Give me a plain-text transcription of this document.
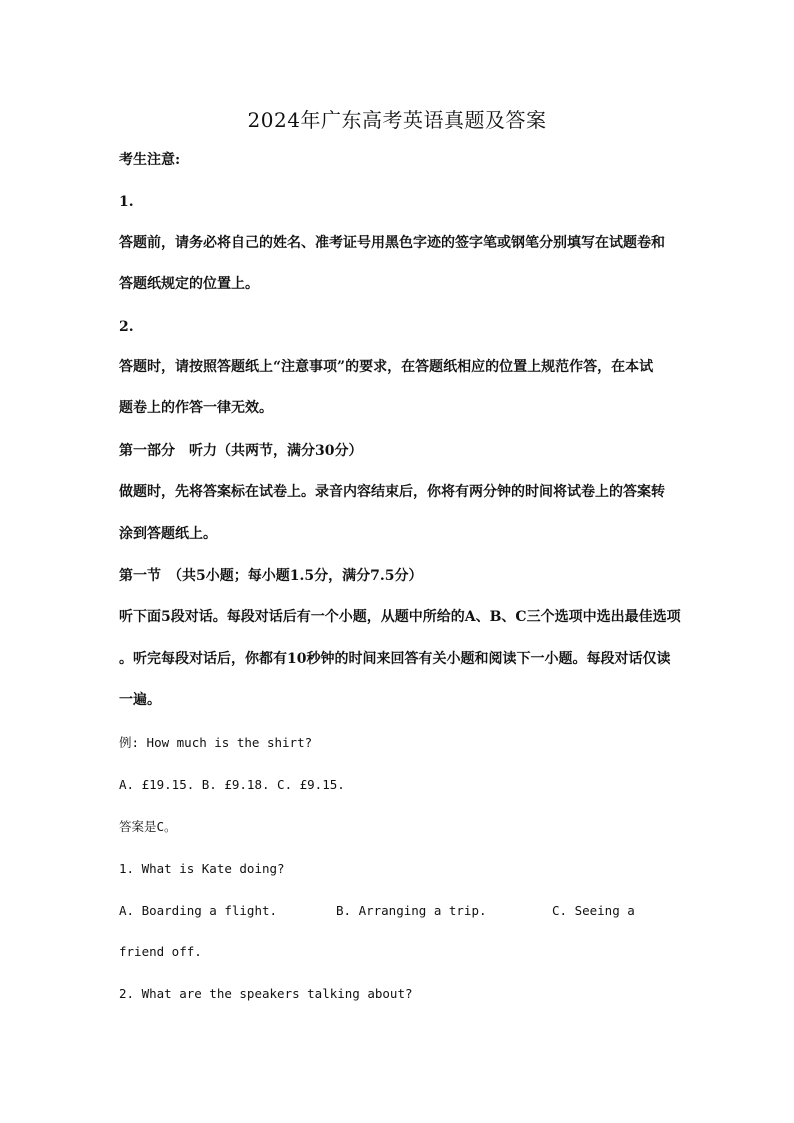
2024年广东高考英语真题及答案
考生注意:
1.
答题前，请务必将自己的姓名、准考证号用黑色字迹的签字笔或钢笔分别填写在试题卷和
答题纸规定的位置上。
2.
答题时，请按照答题纸上“注意事项”的要求，在答题纸相应的位置上规范作答，在本试
题卷上的作答一律无效。
第一部分　听力（共两节，满分30分）
做题时，先将答案标在试卷上。录音内容结束后，你将有两分钟的时间将试卷上的答案转
涂到答题纸上。
第一节　（共5小题；每小题1.5分，满分7.5分）
听下面5段对话。每段对话后有一个小题，从题中所给的A、B、C三个选项中选出最佳选项
。听完每段对话后，你都有10秒钟的时间来回答有关小题和阅读下一小题。每段对话仅读
一遍。
例: How much is the shirt?
A. £19.15. B. £9.18. C. £9.15.
答案是C。
1. What is Kate doing?
A. Boarding a flight.	B. Arranging a trip.	C. Seeing a
friend off.
2. What are the speakers talking about?
